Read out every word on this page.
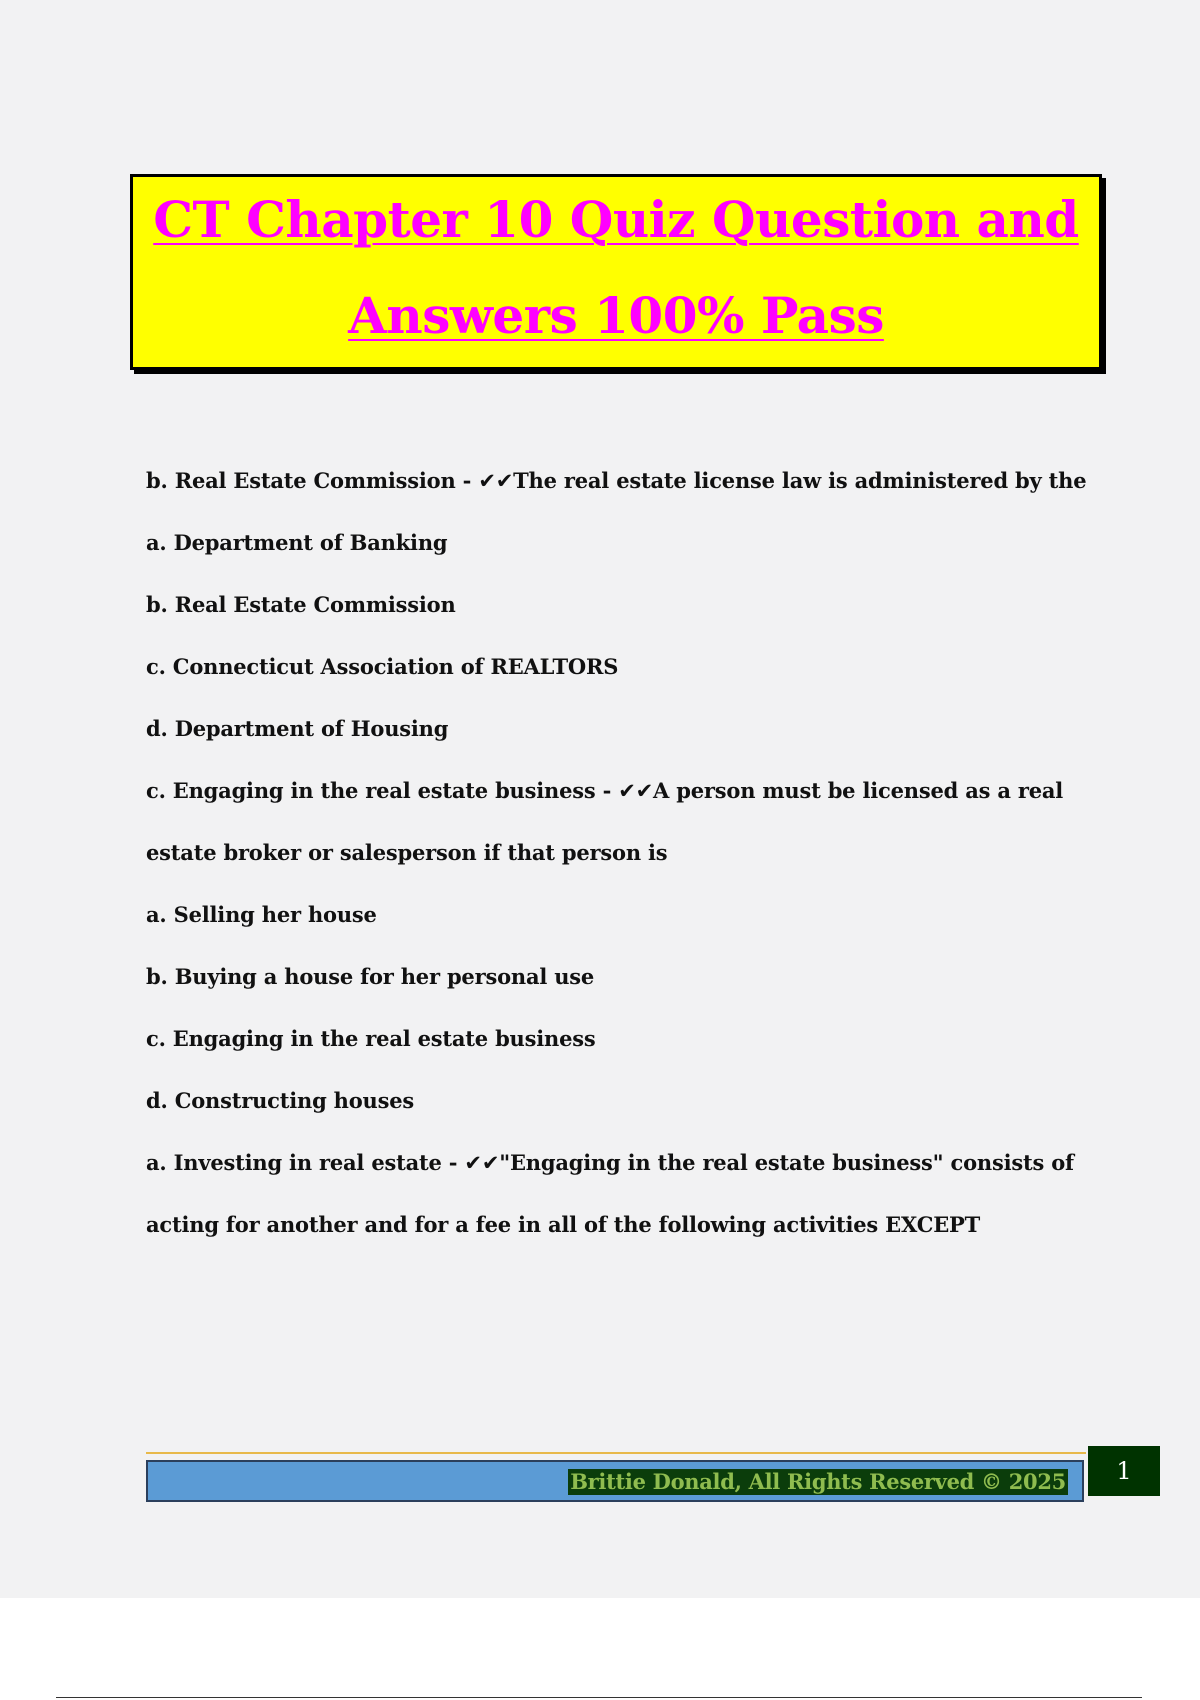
CT Chapter 10 Quiz Question and
Answers 100% Pass

b. Real Estate Commission - ✔✔The real estate license law is administered by the

a. Department of Banking

b. Real Estate Commission

c. Connecticut Association of REALTORS

d. Department of Housing

c. Engaging in the real estate business - ✔✔A person must be licensed as a real estate broker or salesperson if that person is

a. Selling her house

b. Buying a house for her personal use

c. Engaging in the real estate business

d. Constructing houses

a. Investing in real estate - ✔✔"Engaging in the real estate business" consists of acting for another and for a fee in all of the following activities EXCEPT

Brittie Donald, All Rights Reserved © 2025	1
